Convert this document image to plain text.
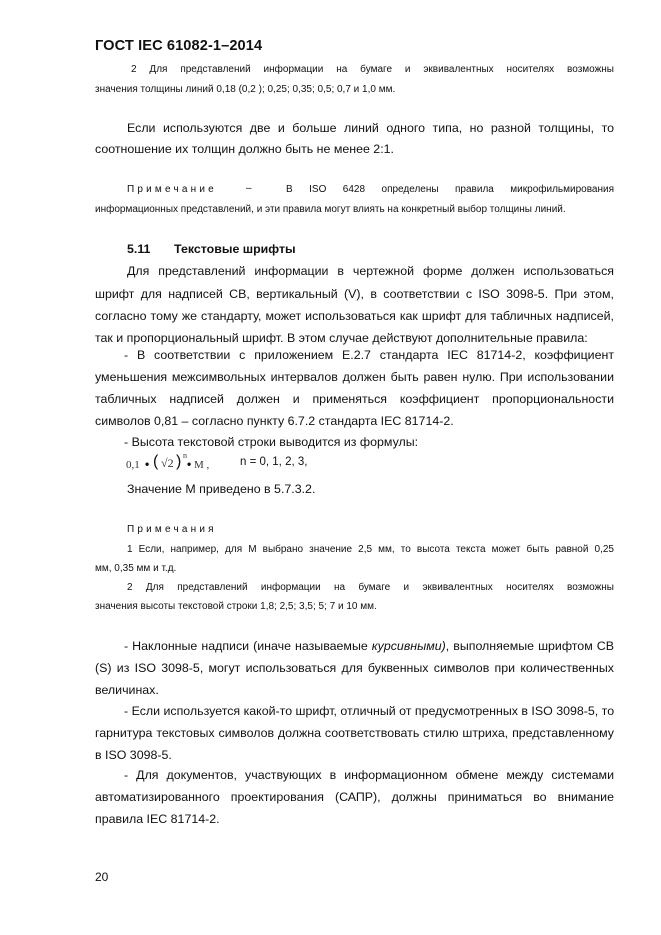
ГОСТ IEC 61082-1–2014
2 Для представлений информации на бумаге и эквивалентных носителях возможны
значения толщины линий 0,18 (0,2 ); 0,25; 0,35; 0,5; 0,7 и 1,0 мм.
Если используются две и больше линий одного типа, но разной толщины, то
соотношение их толщин должно быть не менее 2:1.
Примечание	–	В ISO 6428 определены правила микрофильмирования
информационных представлений, и эти правила могут влиять на конкретный выбор толщины линий.
5.11 Текстовые шрифты
Для представлений информации в чертежной форме должен использоваться
шрифт для надписей CB, вертикальный (V), в соответствии с ISO 3098-5. При этом,
согласно тому же стандарту, может использоваться как шрифт для табличных надписей,
так и пропорциональный шрифт. В этом случае действуют дополнительные правила:
- В соответствии с приложением Е.2.7 стандарта IEC 81714-2, коэффициент
уменьшения межсимвольных интервалов должен быть равен нулю. При использовании
табличных надписей должен и применяться коэффициент пропорциональности
символов 0,81 – согласно пункту 6.7.2 стандарта IEC 81714-2.
- Высота текстовой строки выводится из формулы:
0,1 • ( √2 ) n
• M ,	n = 0, 1, 2, 3,
Значение М приведено в 5.7.3.2.
Примечания
1 Если, например, для М выбрано значение 2,5 мм, то высота текста может быть равной 0,25
мм, 0,35 мм и т.д.
2 Для представлений информации на бумаге и эквивалентных носителях возможны
значения высоты текстовой строки 1,8; 2,5; 3,5; 5; 7 и 10 мм.
- Наклонные надписи (иначе называемые курсивными), выполняемые шрифтом CB
(S) из ISO 3098-5, могут использоваться для буквенных символов при количественных
величинах.
- Если используется какой-то шрифт, отличный от предусмотренных в ISO 3098-5, то
гарнитура текстовых символов должна соответствовать стилю штриха, представленному
в ISO 3098-5.
- Для документов, участвующих в информационном обмене между системами
автоматизированного проектирования (САПР), должны приниматься во внимание
правила IEC 81714-2.
20
